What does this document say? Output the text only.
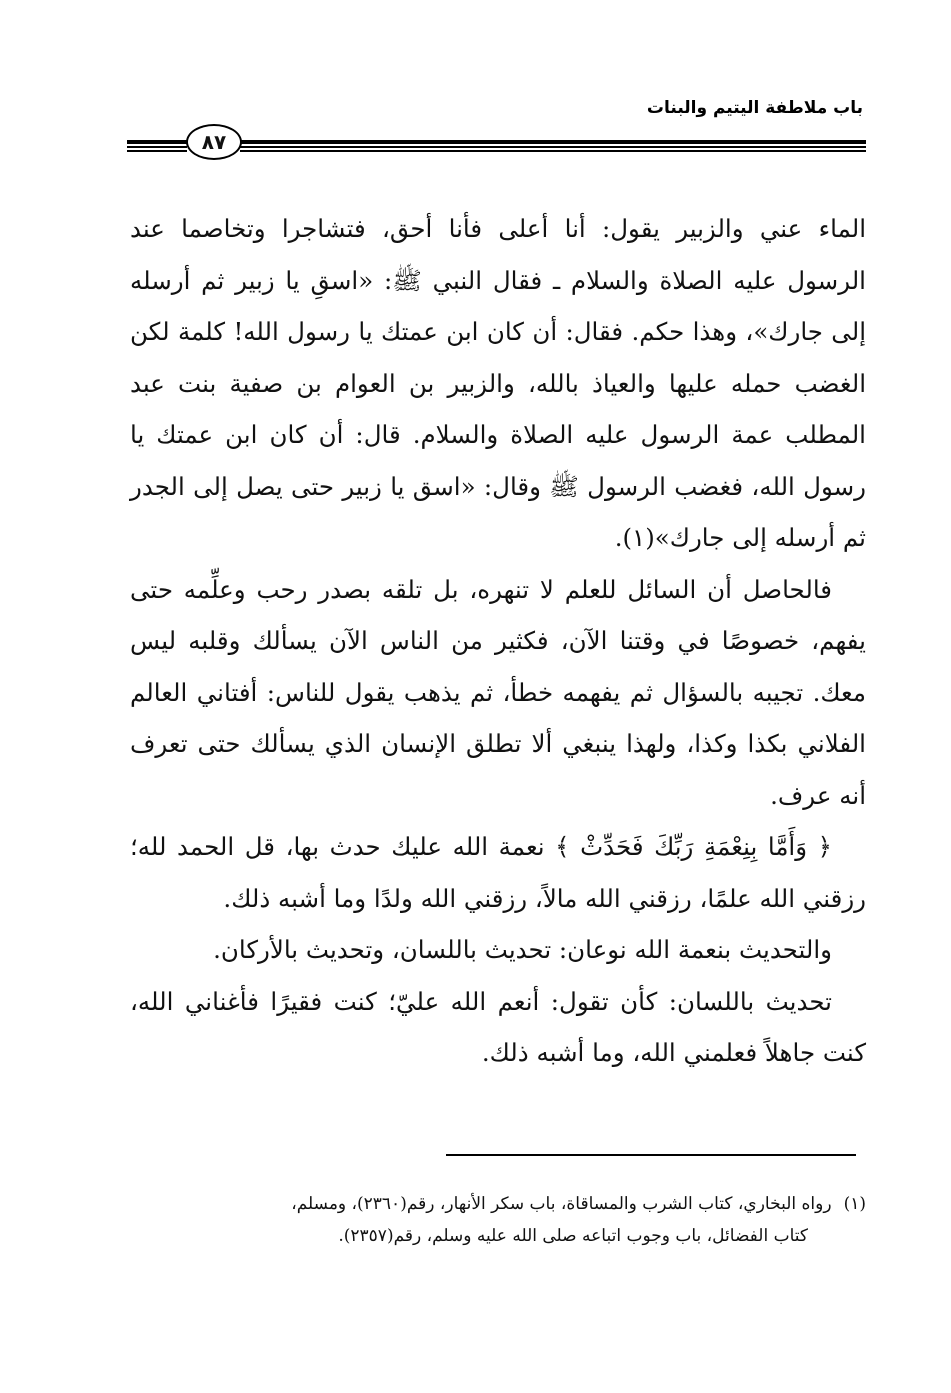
باب ملاطفة اليتيم والبنات
٨٧

الماء عني والزبير يقول: أنا أعلى فأنا أحق، فتشاجرا وتخاصما عند الرسول عليه الصلاة والسلام ـ فقال النبي ﷺ: «اسقِ يا زبير ثم أرسله إلى جارك»، وهذا حكم. فقال: أن كان ابن عمتك يا رسول الله! كلمة لكن الغضب حمله عليها والعياذ بالله، والزبير بن العوام بن صفية بنت عبد المطلب عمة الرسول عليه الصلاة والسلام. قال: أن كان ابن عمتك يا رسول الله، فغضب الرسول ﷺ وقال: «اسق يا زبير حتى يصل إلى الجدر ثم أرسله إلى جارك»(١).

فالحاصل أن السائل للعلم لا تنهره، بل تلقه بصدر رحب وعلِّمه حتى يفهم، خصوصًا في وقتنا الآن، فكثير من الناس الآن يسألك وقلبه ليس معك. تجيبه بالسؤال ثم يفهمه خطأ، ثم يذهب يقول للناس: أفتاني العالم الفلاني بكذا وكذا، ولهذا ينبغي ألا تطلق الإنسان الذي يسألك حتى تعرف أنه عرف.

﴿ وَأَمَّا بِنِعْمَةِ رَبِّكَ فَحَدِّثْ ﴾ نعمة الله عليك حدث بها، قل الحمد لله؛ رزقني الله علمًا، رزقني الله مالاً، رزقني الله ولدًا وما أشبه ذلك.

والتحديث بنعمة الله نوعان: تحديث باللسان، وتحديث بالأركان.

تحديث باللسان: كأن تقول: أنعم الله عليّ؛ كنت فقيرًا فأغناني الله، كنت جاهلاً فعلمني الله، وما أشبه ذلك.

(١)رواه البخاري، كتاب الشرب والمساقاة، باب سكر الأنهار، رقم(٢٣٦٠)، ومسلم،
كتاب الفضائل، باب وجوب اتباعه صلى الله عليه وسلم، رقم(٢٣٥٧).
